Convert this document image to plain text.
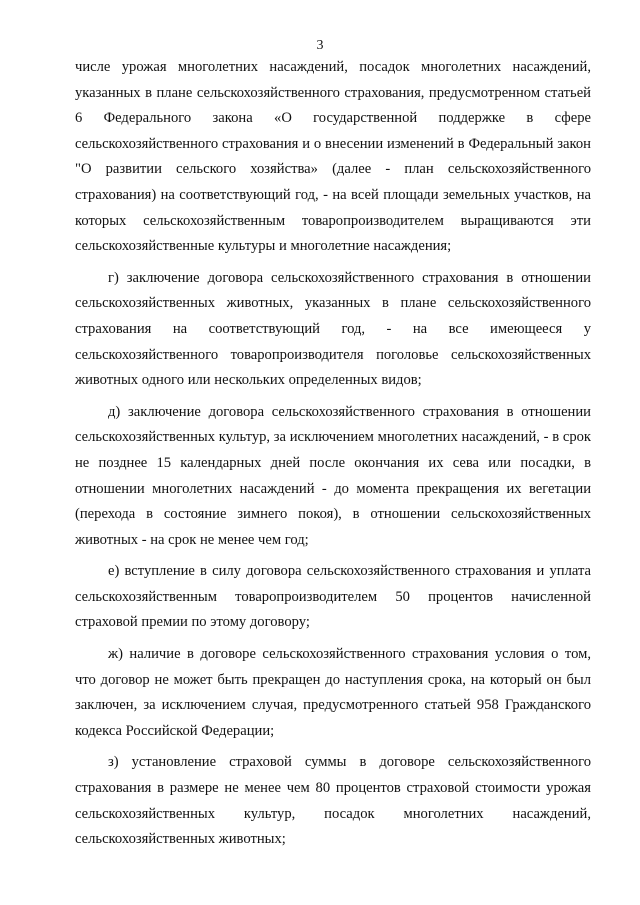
3

числе урожая многолетних насаждений, посадок многолетних насаждений, указанных в плане сельскохозяйственного страхования, предусмотренном статьей 6 Федерального закона «О государственной поддержке в сфере сельскохозяйственного страхования и о внесении изменений в Федеральный закон "О развитии сельского хозяйства» (далее - план сельскохозяйственного страхования) на соответствующий год, - на всей площади земельных участков, на которых сельскохозяйственным товаропроизводителем выращиваются эти сельскохозяйственные культуры и многолетние насаждения;

г) заключение договора сельскохозяйственного страхования в отношении сельскохозяйственных животных, указанных в плане сельскохозяйственного страхования на соответствующий год, - на все имеющееся у сельскохозяйственного товаропроизводителя поголовье сельскохозяйственных животных одного или нескольких определенных видов;

д) заключение договора сельскохозяйственного страхования в отношении сельскохозяйственных культур, за исключением многолетних насаждений, - в срок не позднее 15 календарных дней после окончания их сева или посадки, в отношении многолетних насаждений - до момента прекращения их вегетации (перехода в состояние зимнего покоя), в отношении сельскохозяйственных животных - на срок не менее чем год;

е) вступление в силу договора сельскохозяйственного страхования и уплата сельскохозяйственным товаропроизводителем 50 процентов начисленной страховой премии по этому договору;

ж) наличие в договоре сельскохозяйственного страхования условия о том, что договор не может быть прекращен до наступления срока, на который он был заключен, за исключением случая, предусмотренного статьей 958 Гражданского кодекса Российской Федерации;

з) установление страховой суммы в договоре сельскохозяйственного страхования в размере не менее чем 80 процентов страховой стоимости урожая сельскохозяйственных культур, посадок многолетних насаждений, сельскохозяйственных животных;
